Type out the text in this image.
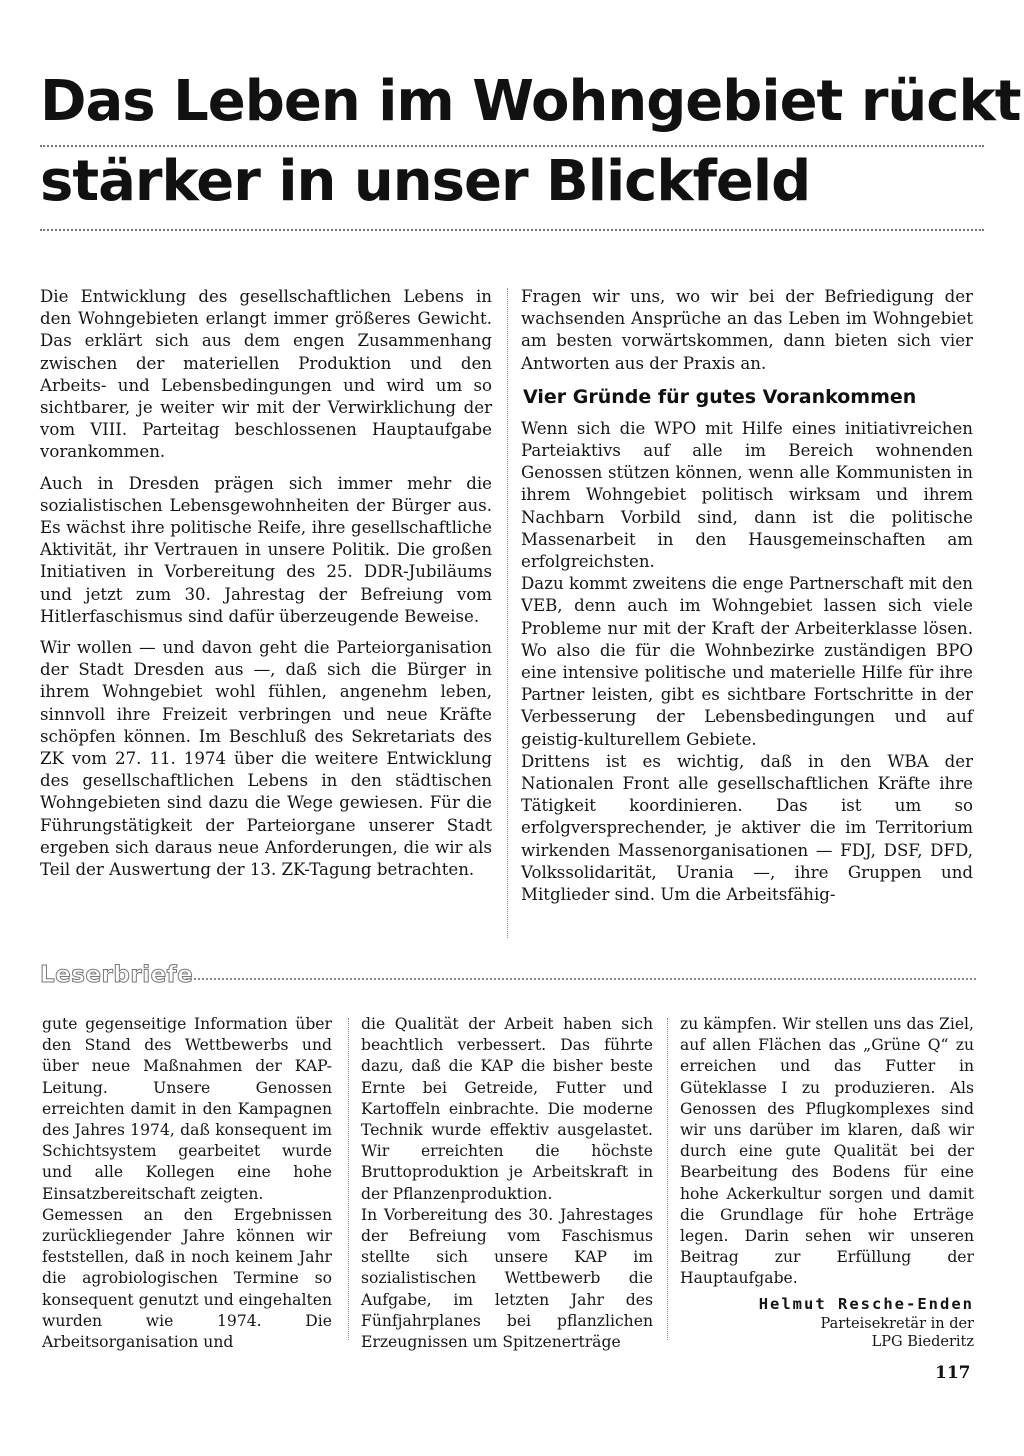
Das Leben im Wohngebiet rückt
stärker in unser Blickfeld

Die Entwicklung des gesellschaftlichen Lebens in den Wohngebieten erlangt immer größeres Gewicht. Das erklärt sich aus dem engen Zusammenhang zwischen der materiellen Produktion und den Arbeits- und Lebensbedingungen und wird um so sichtbarer, je weiter wir mit der Verwirklichung der vom VIII. Parteitag beschlossenen Hauptaufgabe vorankommen.

Auch in Dresden prägen sich immer mehr die sozialistischen Lebensgewohnheiten der Bürger aus. Es wächst ihre politische Reife, ihre gesellschaftliche Aktivität, ihr Vertrauen in unsere Politik. Die großen Initiativen in Vorbereitung des 25. DDR-Jubiläums und jetzt zum 30. Jahrestag der Befreiung vom Hitlerfaschismus sind dafür überzeugende Beweise.

Wir wollen — und davon geht die Parteiorganisation der Stadt Dresden aus —, daß sich die Bürger in ihrem Wohngebiet wohl fühlen, angenehm leben, sinnvoll ihre Freizeit verbringen und neue Kräfte schöpfen können. Im Beschluß des Sekretariats des ZK vom 27. 11. 1974 über die weitere Entwicklung des gesellschaftlichen Lebens in den städtischen Wohngebieten sind dazu die Wege gewiesen. Für die Führungstätigkeit der Parteiorgane unserer Stadt ergeben sich daraus neue Anforderungen, die wir als Teil der Auswertung der 13. ZK-Tagung betrachten.

Fragen wir uns, wo wir bei der Befriedigung der wachsenden Ansprüche an das Leben im Wohngebiet am besten vorwärtskommen, dann bieten sich vier Antworten aus der Praxis an.

Vier Gründe für gutes Vorankommen

Wenn sich die WPO mit Hilfe eines initiativreichen Parteiaktivs auf alle im Bereich wohnenden Genossen stützen können, wenn alle Kommunisten in ihrem Wohngebiet politisch wirksam und ihrem Nachbarn Vorbild sind, dann ist die politische Massenarbeit in den Hausgemeinschaften am erfolgreichsten.

Dazu kommt zweitens die enge Partnerschaft mit den VEB, denn auch im Wohngebiet lassen sich viele Probleme nur mit der Kraft der Arbeiterklasse lösen. Wo also die für die Wohnbezirke zuständigen BPO eine intensive politische und materielle Hilfe für ihre Partner leisten, gibt es sichtbare Fortschritte in der Verbesserung der Lebensbedingungen und auf geistig-kulturellem Gebiete.

Drittens ist es wichtig, daß in den WBA der Nationalen Front alle gesellschaftlichen Kräfte ihre Tätigkeit koordinieren. Das ist um so erfolgversprechender, je aktiver die im Territorium wirkenden Massenorganisationen — FDJ, DSF, DFD, Volkssolidarität, Urania —, ihre Gruppen und Mitglieder sind. Um die Arbeitsfähig-

Leserbriefe

gute gegenseitige Information über den Stand des Wettbewerbs und über neue Maßnahmen der KAP-Leitung. Unsere Genossen erreichten damit in den Kampagnen des Jahres 1974, daß konsequent im Schichtsystem gearbeitet wurde und alle Kollegen eine hohe Einsatzbereitschaft zeigten.

Gemessen an den Ergebnissen zurückliegender Jahre können wir feststellen, daß in noch keinem Jahr die agrobiologischen Termine so konsequent genutzt und eingehalten wurden wie 1974. Die Arbeitsorganisation und

die Qualität der Arbeit haben sich beachtlich verbessert. Das führte dazu, daß die KAP die bisher beste Ernte bei Getreide, Futter und Kartoffeln einbrachte. Die moderne Technik wurde effektiv ausgelastet. Wir erreichten die höchste Bruttoproduktion je Arbeitskraft in der Pflanzenproduktion.

In Vorbereitung des 30. Jahrestages der Befreiung vom Faschismus stellte sich unsere KAP im sozialistischen Wettbewerb die Aufgabe, im letzten Jahr des Fünfjahrplanes bei pflanzlichen Erzeugnissen um Spitzenerträge

zu kämpfen. Wir stellen uns das Ziel, auf allen Flächen das „Grüne Q“ zu erreichen und das Futter in Güteklasse I zu produzieren. Als Genossen des Pflugkomplexes sind wir uns darüber im klaren, daß wir durch eine gute Qualität bei der Bearbeitung des Bodens für eine hohe Ackerkultur sorgen und damit die Grundlage für hohe Erträge legen. Darin sehen wir unseren Beitrag zur Erfüllung der Hauptaufgabe.

Helmut Resche-Enden
Parteisekretär in der
LPG Biederitz
117
